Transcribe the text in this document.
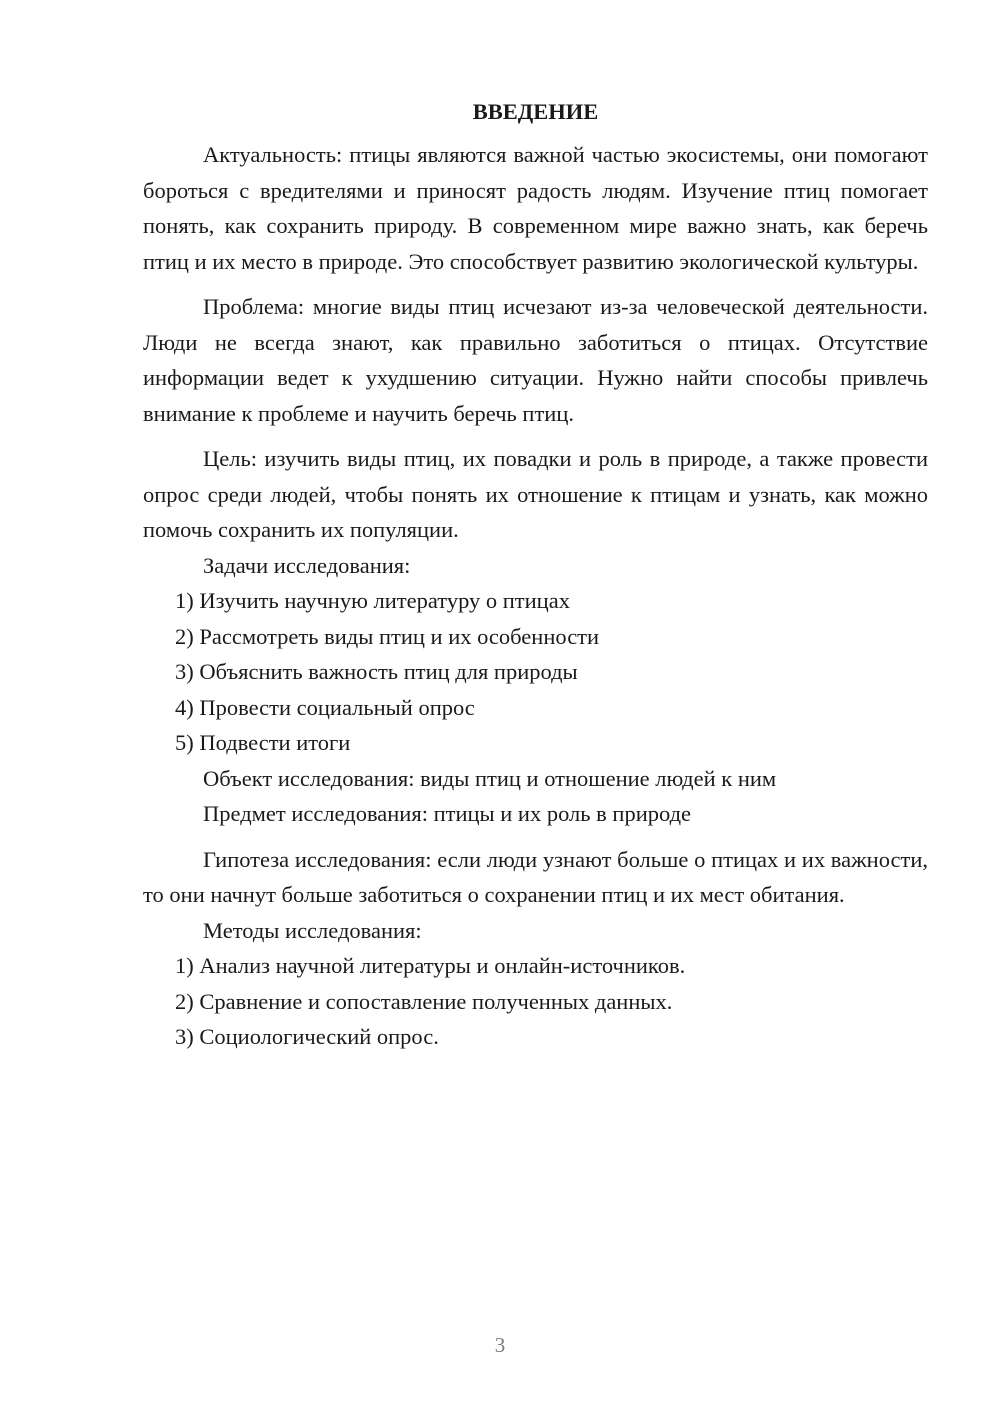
ВВЕДЕНИЕ

Актуальность: птицы являются важной частью экосистемы, они помогают бороться с вредителями и приносят радость людям. Изучение птиц помогает понять, как сохранить природу. В современном мире важно знать, как беречь птиц и их место в природе. Это способствует развитию экологической культуры.

Проблема: многие виды птиц исчезают из-за человеческой деятельности. Люди не всегда знают, как правильно заботиться о птицах. Отсутствие информации ведет к ухудшению ситуации. Нужно найти способы привлечь внимание к проблеме и научить беречь птиц.

Цель: изучить виды птиц, их повадки и роль в природе, а также провести опрос среди людей, чтобы понять их отношение к птицам и узнать, как можно помочь сохранить их популяции.

Задачи исследования:

1) Изучить научную литературу о птицах

2) Рассмотреть виды птиц и их особенности

3) Объяснить важность птиц для природы

4) Провести социальный опрос

5) Подвести итоги

Объект исследования: виды птиц и отношение людей к ним

Предмет исследования: птицы и их роль в природе

Гипотеза исследования: если люди узнают больше о птицах и их важности, то они начнут больше заботиться о сохранении птиц и их мест обитания.

Методы исследования:

1) Анализ научной литературы и онлайн-источников.

2) Сравнение и сопоставление полученных данных.

3) Социологический опрос.

3
